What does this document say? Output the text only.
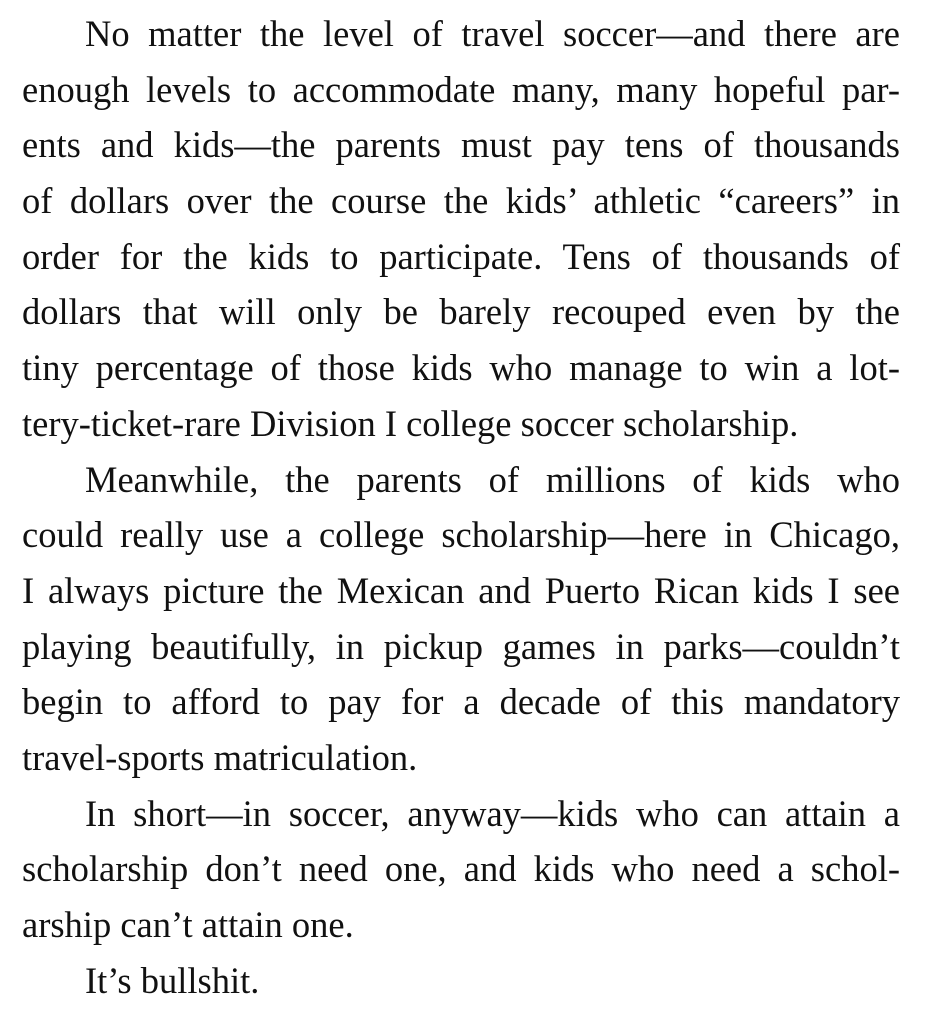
No matter the level of travel soccer—and there are
enough levels to accommodate many, many hopeful par-
ents and kids—the parents must pay tens of thousands
of dollars over the course the kids’ athletic “careers” in
order for the kids to participate. Tens of thousands of
dollars that will only be barely recouped even by the
tiny percentage of those kids who manage to win a lot-
tery-ticket-rare Division I college soccer scholarship.
Meanwhile, the parents of millions of kids who
could really use a college scholarship—here in Chicago,
I always picture the Mexican and Puerto Rican kids I see
playing beautifully, in pickup games in parks—couldn’t
begin to afford to pay for a decade of this mandatory
travel-sports matriculation.
In short—in soccer, anyway—kids who can attain a
scholarship don’t need one, and kids who need a schol-
arship can’t attain one.
It’s bullshit.
